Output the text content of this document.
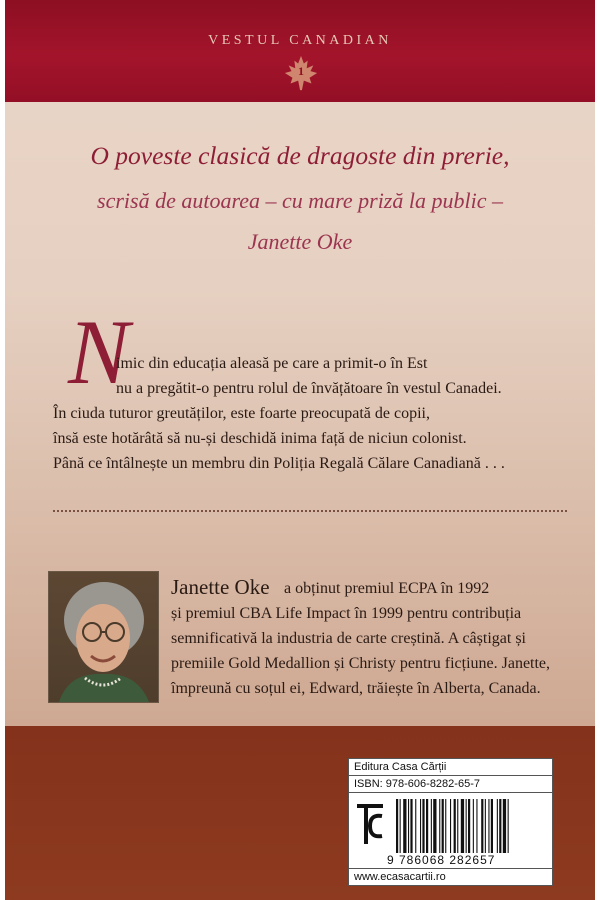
VESTUL CANADIAN
1
O poveste clasică de dragoste din prerie,
scrisă de autoarea – cu mare priză la public –
Janette Oke
N
imic din educația aleasă pe care a primit-o în Est
nu a pregătit-o pentru rolul de învățătoare în vestul Canadei.
În ciuda tuturor greutăților, este foarte preocupată de copii,
însă este hotărâtă să nu-și deschidă inima față de niciun colonist.
Până ce întâlnește un membru din Poliția Regală Călare Canadiană . . .
Janette Oke a obținut premiul ECPA în 1992
și premiul CBA Life Impact în 1999 pentru contribuția
semnificativă la industria de carte creștină. A câștigat și
premiile Gold Medallion și Christy pentru ficțiune. Janette,
împreună cu soțul ei, Edward, trăiește în Alberta, Canada.
Editura Casa Cărții
ISBN: 978-606-8282-65-7
9 786068 282657
www.ecasacartii.ro
